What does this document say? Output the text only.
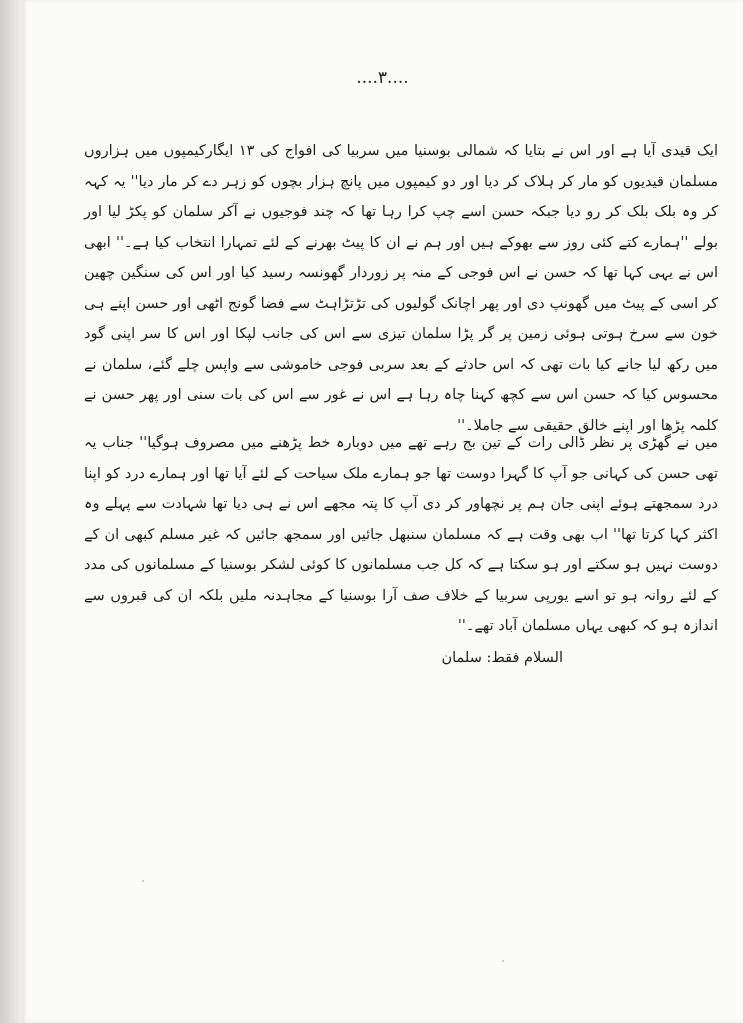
....۳....

ایک قیدی آیا ہے اور اس نے بتایا کہ شمالی بوسنیا میں سربیا کی افواج کی ۱۳ ایگارکیمپوں میں ہزاروں مسلمان قیدیوں کو مار کر ہلاک کر دیا اور دو کیمپوں میں پانچ ہزار بچوں کو زہر دے کر مار دیا'' یہ کہہ کر وہ بلک بلک کر رو دیا جبکہ حسن اسے چپ کرا رہا تھا کہ چند فوجیوں نے آکر سلمان کو پکڑ لیا اور بولے ''ہمارے کتے کئی روز سے بھوکے ہیں اور ہم نے ان کا پیٹ بھرنے کے لئے تمہارا انتخاب کیا ہے۔'' ابھی اس نے یہی کہا تھا کہ حسن نے اس فوجی کے منہ پر زوردار گھونسہ رسید کیا اور اس کی سنگین چھین کر اسی کے پیٹ میں گھونپ دی اور پھر اچانک گولیوں کی تڑتڑاہٹ سے فضا گونج اٹھی اور حسن اپنے ہی خون سے سرخ ہوتی ہوئی زمین پر گر پڑا سلمان تیزی سے اس کی جانب لپکا اور اس کا سر اپنی گود میں رکھ لیا جانے کیا بات تھی کہ اس حادثے کے بعد سربی فوجی خاموشی سے واپس چلے گئے، سلمان نے محسوس کیا کہ حسن اس سے کچھ کہنا چاہ رہا ہے اس نے غور سے اس کی بات سنی اور پھر حسن نے کلمہ پڑھا اور اپنے خالق حقیقی سے جاملا۔''

میں نے گھڑی پر نظر ڈالی رات کے تین بج رہے تھے میں دوبارہ خط پڑھنے میں مصروف ہوگیا'' جناب یہ تھی حسن کی کہانی جو آپ کا گہرا دوست تھا جو ہمارے ملک سیاحت کے لئے آیا تھا اور ہمارے درد کو اپنا درد سمجھتے ہوئے اپنی جان ہم پر نچھاور کر دی آپ کا پتہ مجھے اس نے ہی دیا تھا شہادت سے پہلے وہ اکثر کہا کرتا تھا'' اب بھی وقت ہے کہ مسلمان سنبھل جائیں اور سمجھ جائیں کہ غیر مسلم کبھی ان کے دوست نہیں ہو سکتے اور ہو سکتا ہے کہ کل جب مسلمانوں کا کوئی لشکر بوسنیا کے مسلمانوں کی مدد کے لئے روانہ ہو تو اسے یورپی سربیا کے خلاف صف آرا بوسنیا کے مجاہدنہ ملیں بلکہ ان کی قبروں سے اندازہ ہو کہ کبھی یہاں مسلمان آباد تھے۔''

السلام فقط: سلمان
